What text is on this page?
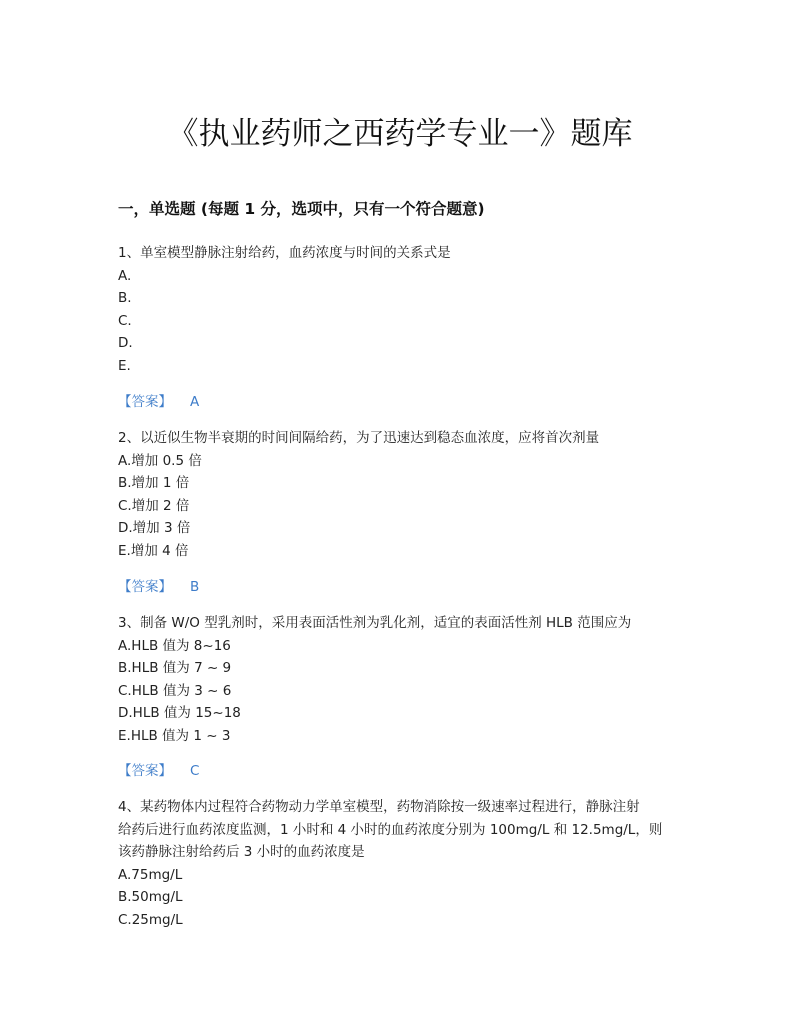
《执业药师之西药学专业一》题库
一，单选题 (每题 1 分，选项中，只有一个符合题意)
1、单室模型静脉注射给药，血药浓度与时间的关系式是
A.
B.
C.
D.
E.
【答案】 A
2、以近似生物半衰期的时间间隔给药，为了迅速达到稳态血浓度，应将首次剂量
A.增加 0.5 倍
B.增加 1 倍
C.增加 2 倍
D.增加 3 倍
E.增加 4 倍
【答案】 B
3、制备 W/O 型乳剂时，采用表面活性剂为乳化剂，适宜的表面活性剂 HLB 范围应为
A.HLB 值为 8~16
B.HLB 值为 7 ~ 9
C.HLB 值为 3 ~ 6
D.HLB 值为 15~18
E.HLB 值为 1 ~ 3
【答案】 C
4、某药物体内过程符合药物动力学单室模型，药物消除按一级速率过程进行，静脉注射
给药后进行血药浓度监测，1 小时和 4 小时的血药浓度分别为 100mg/L 和 12.5mg/L，则
该药静脉注射给药后 3 小时的血药浓度是
A.75mg/L
B.50mg/L
C.25mg/L
